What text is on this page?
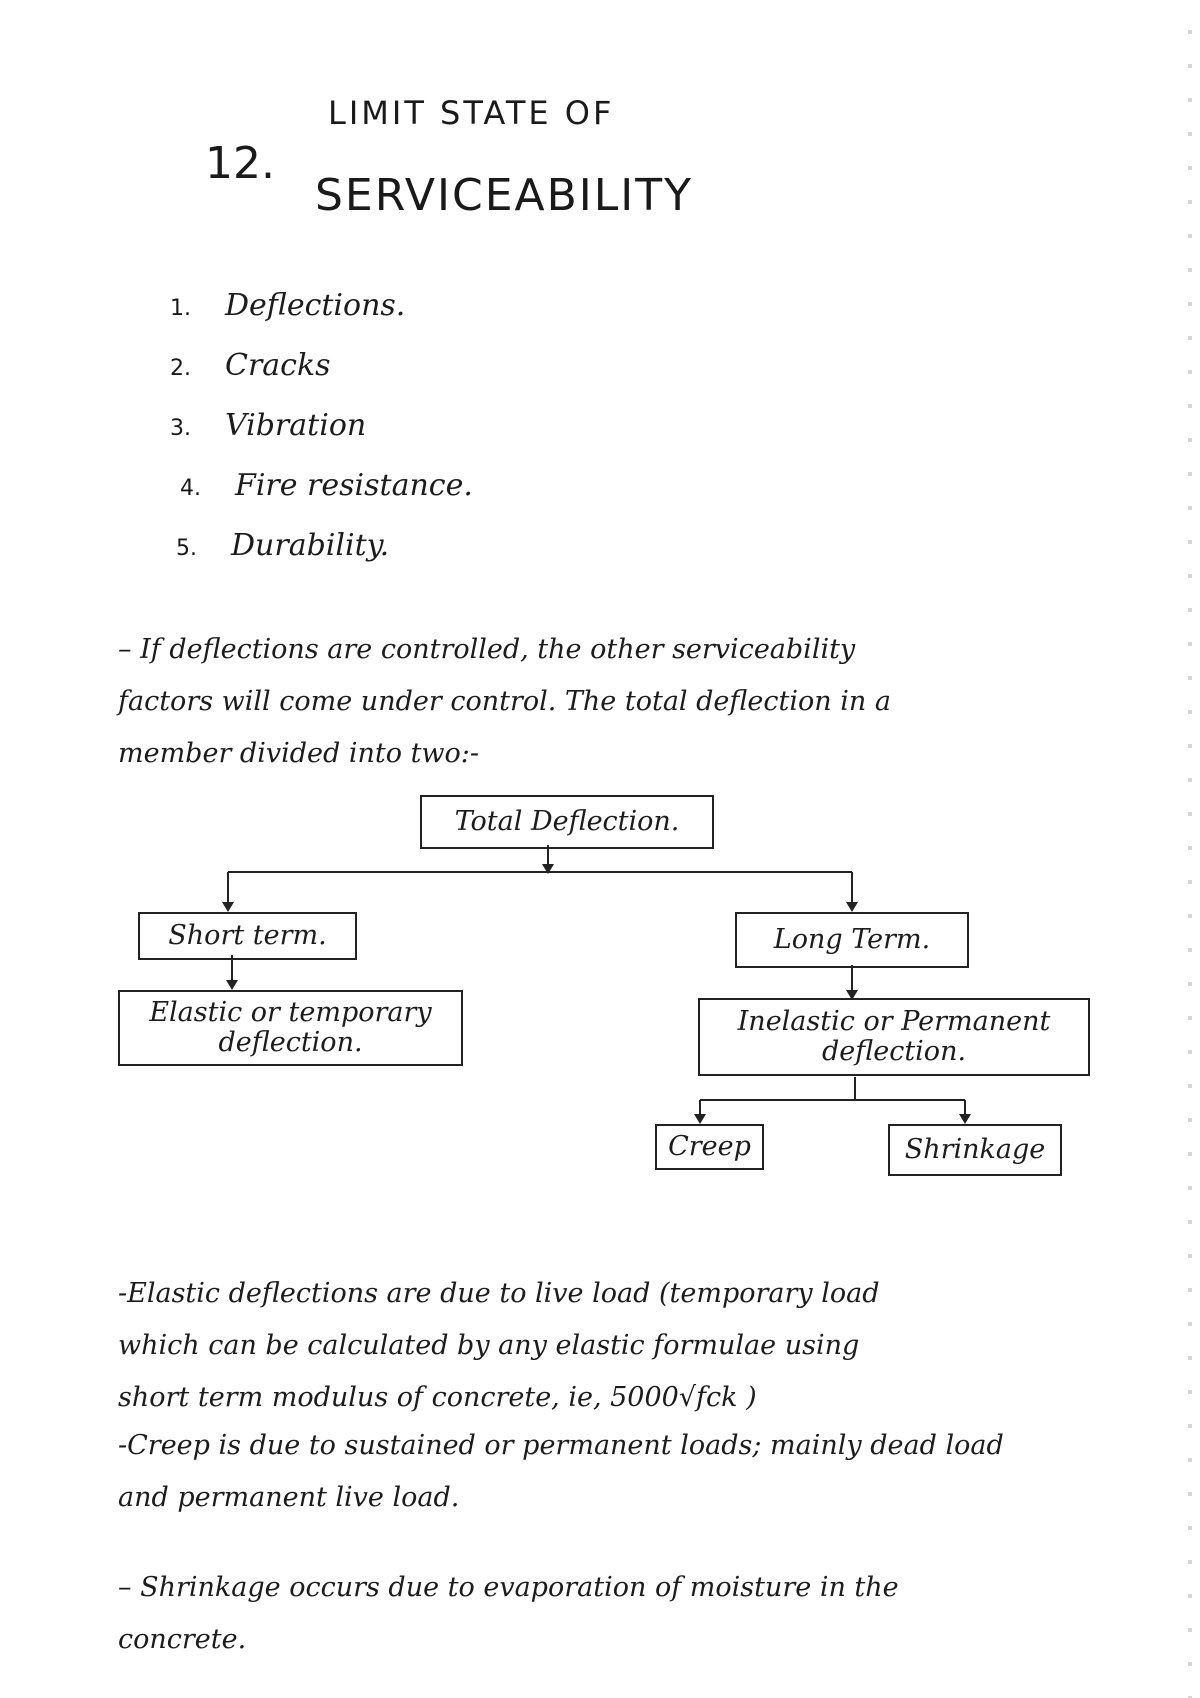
LIMIT STATE OF
12.
SERVICEABILITY
1.	Deflections.
2.	Cracks
3.	Vibration
4.	Fire resistance.
5.	Durability.
– If deflections are controlled, the other serviceability
factors will come under control. The total deflection in a
member divided into two:-
Total Deflection.
Short term.	Long Term.
Elastic or temporary deflection.
Inelastic or Permanent deflection.
Creep	Shrinkage
-Elastic deflections are due to live load (temporary load
which can be calculated by any elastic formulae using
short term modulus of concrete, ie, 5000√fck )
-Creep is due to sustained or permanent loads; mainly dead load
and permanent live load.
– Shrinkage occurs due to evaporation of moisture in the
concrete.
